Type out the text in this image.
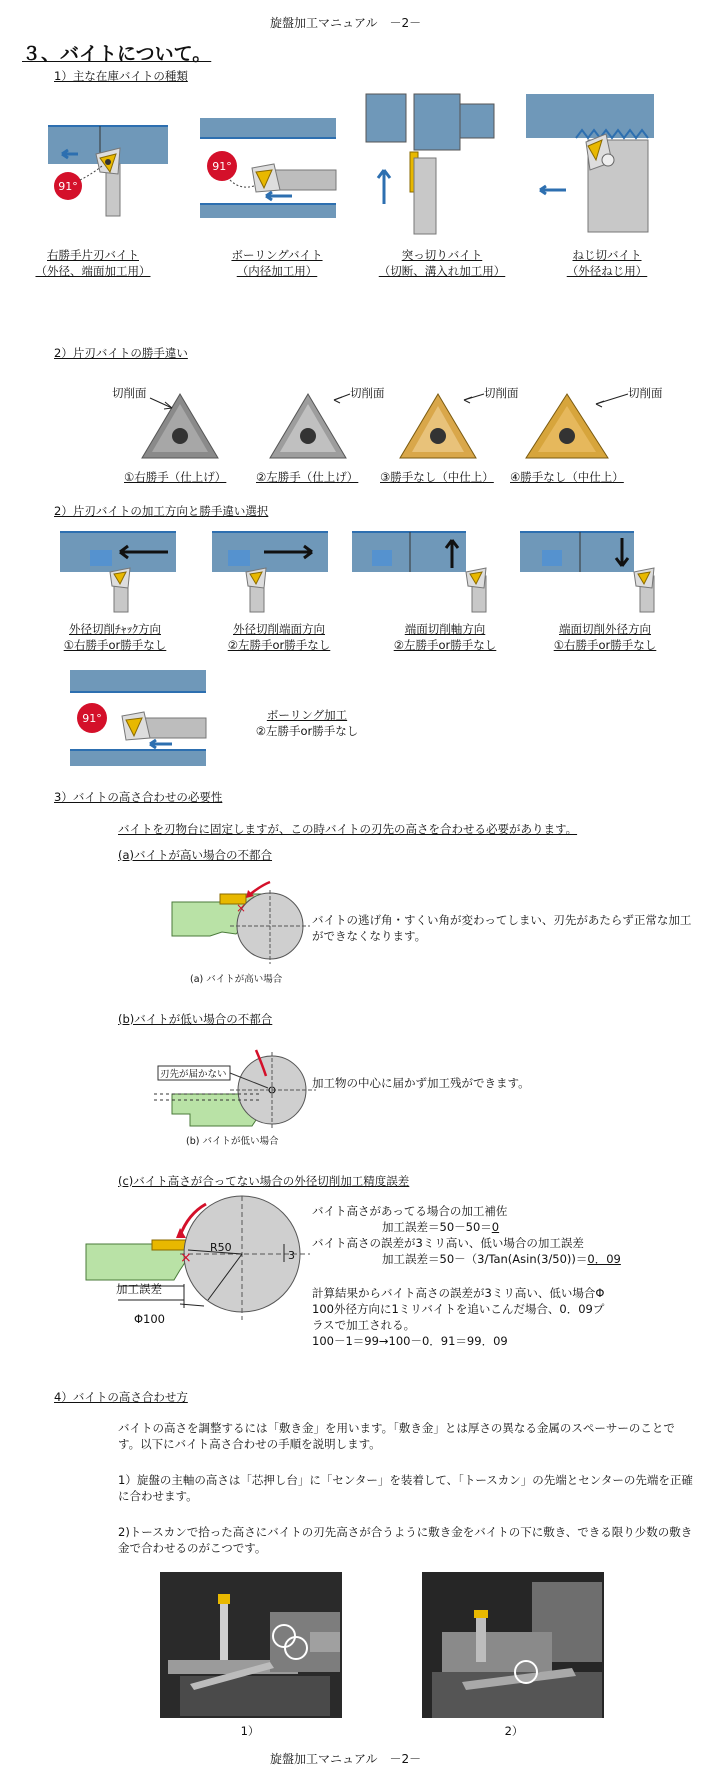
旋盤加工マニュアル　－2－
３、バイトについて。
1）主な在庫バイトの種類
91°
91°
右勝手片刃バイト
（外径、端面加工用）
ボーリングバイト
（内径加工用）
突っ切りバイト
（切断、溝入れ加工用）
ねじ切バイト
（外径ねじ用）
2）片刃バイトの勝手違い
切削面	切削面	切削面	切削面
①右勝手（仕上げ）	②左勝手（仕上げ） ③勝手なし（中仕上） ④勝手なし（中仕上）
2）片刃バイトの加工方向と勝手違い選択
外径切削ﾁｬｯｸ方向
①右勝手or勝手なし
外径切削端面方向
②左勝手or勝手なし
端面切削軸方向
②左勝手or勝手なし
端面切削外径方向
①右勝手or勝手なし
91°	ボーリング加工
②左勝手or勝手なし
3）バイトの高さ合わせの必要性
バイトを刃物台に固定しますが、この時バイトの刃先の高さを合わせる必要があります。
(a)バイトが高い場合の不都合
×
(a) バイトが高い場合
バイトの逃げ角・すくい角が変わってしまい、刃先があたらず正常な加工ができなくなります。
(b)バイトが低い場合の不都合
刃先が届かない
(b) バイトが低い場合
加工物の中心に届かず加工残ができます。
(c)バイト高さが合ってない場合の外径切削加工精度誤差
×
R50
3
加工誤差
Φ100
バイト高さがあってる場合の加工補佐
加工誤差＝50－50＝0
バイト高さの誤差が3ミリ高い、低い場合の加工誤差
加工誤差＝50－（3/Tan(Asin(3/50))＝0．09
計算結果からバイト高さの誤差が3ミリ高い、低い場合Φ
100外径方向に1ミリバイトを追いこんだ場合、0．09プ
ラスで加工される。
100－1＝99→100－0．91＝99．09
4）バイトの高さ合わせ方
バイトの高さを調整するには「敷き金」を用います。「敷き金」とは厚さの異なる金属のスペーサーのことです。以下にバイト高さ合わせの手順を説明します。
1）旋盤の主軸の高さは「芯押し台」に「センター」を装着して、「トースカン」の先端とセンターの先端を正確に合わせます。
2)トースカンで拾った高さにバイトの刃先高さが合うように敷き金をバイトの下に敷き、できる限り少数の敷き金で合わせるのがこつです。
1）	2）
旋盤加工マニュアル　－2－
